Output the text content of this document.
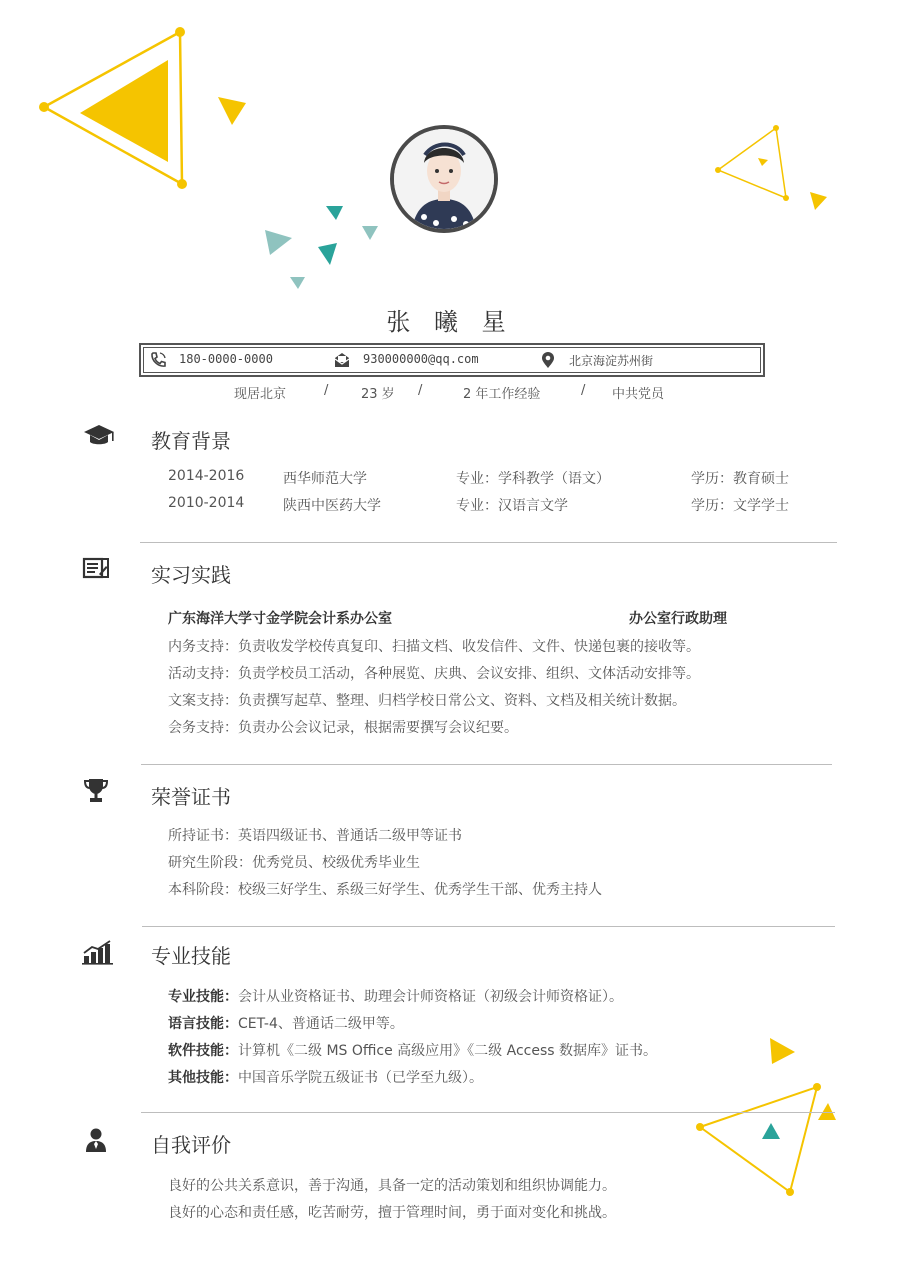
张 曦 星
180-0000-0000	930000000@qq.com	北京海淀苏州街
现居北京	/	23 岁 /	2 年工作经验	/ 中共党员
教育背景
2014-2016	西华师范大学	专业：学科教学（语文）	学历：教育硕士
2010-2014	陕西中医药大学	专业：汉语言文学	学历：文学学士
实习实践
广东海洋大学寸金学院会计系办公室	办公室行政助理
内务支持：负责收发学校传真复印、扫描文档、收发信件、文件、快递包裹的接收等。
活动支持：负责学校员工活动，各种展览、庆典、会议安排、组织、文体活动安排等。
文案支持：负责撰写起草、整理、归档学校日常公文、资料、文档及相关统计数据。
会务支持：负责办公会议记录，根据需要撰写会议纪要。
荣誉证书
所持证书：英语四级证书、普通话二级甲等证书
研究生阶段：优秀党员、校级优秀毕业生
本科阶段：校级三好学生、系级三好学生、优秀学生干部、优秀主持人
专业技能
专业技能：会计从业资格证书、助理会计师资格证（初级会计师资格证）。
语言技能：CET-4、普通话二级甲等。
软件技能：计算机《二级 MS Office 高级应用》《二级 Access 数据库》证书。
其他技能：中国音乐学院五级证书（已学至九级）。
自我评价
良好的公共关系意识，善于沟通，具备一定的活动策划和组织协调能力。
良好的心态和责任感，吃苦耐劳，擅于管理时间，勇于面对变化和挑战。
